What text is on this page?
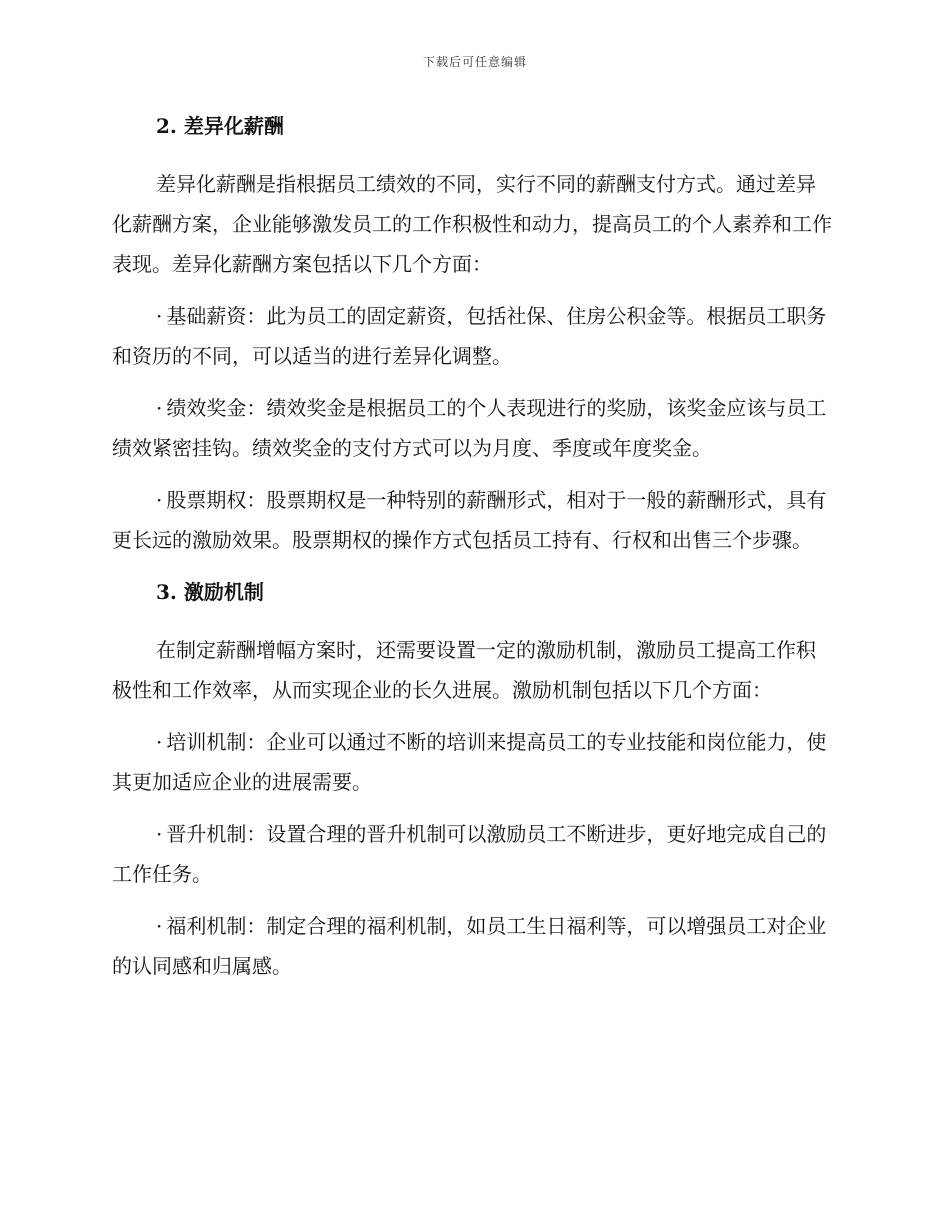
下载后可任意编辑
2. 差异化薪酬

差异化薪酬是指根据员工绩效的不同，实行不同的薪酬支付方式。通过差异化薪酬方案，企业能够激发员工的工作积极性和动力，提高员工的个人素养和工作表现。差异化薪酬方案包括以下几个方面：

· 基础薪资：此为员工的固定薪资，包括社保、住房公积金等。根据员工职务和资历的不同，可以适当的进行差异化调整。

· 绩效奖金：绩效奖金是根据员工的个人表现进行的奖励，该奖金应该与员工绩效紧密挂钩。绩效奖金的支付方式可以为月度、季度或年度奖金。

· 股票期权：股票期权是一种特别的薪酬形式，相对于一般的薪酬形式，具有更长远的激励效果。股票期权的操作方式包括员工持有、行权和出售三个步骤。

3. 激励机制

在制定薪酬增幅方案时，还需要设置一定的激励机制，激励员工提高工作积极性和工作效率，从而实现企业的长久进展。激励机制包括以下几个方面：

· 培训机制：企业可以通过不断的培训来提高员工的专业技能和岗位能力，使其更加适应企业的进展需要。

· 晋升机制：设置合理的晋升机制可以激励员工不断进步，更好地完成自己的工作任务。

· 福利机制：制定合理的福利机制，如员工生日福利等，可以增强员工对企业的认同感和归属感。
